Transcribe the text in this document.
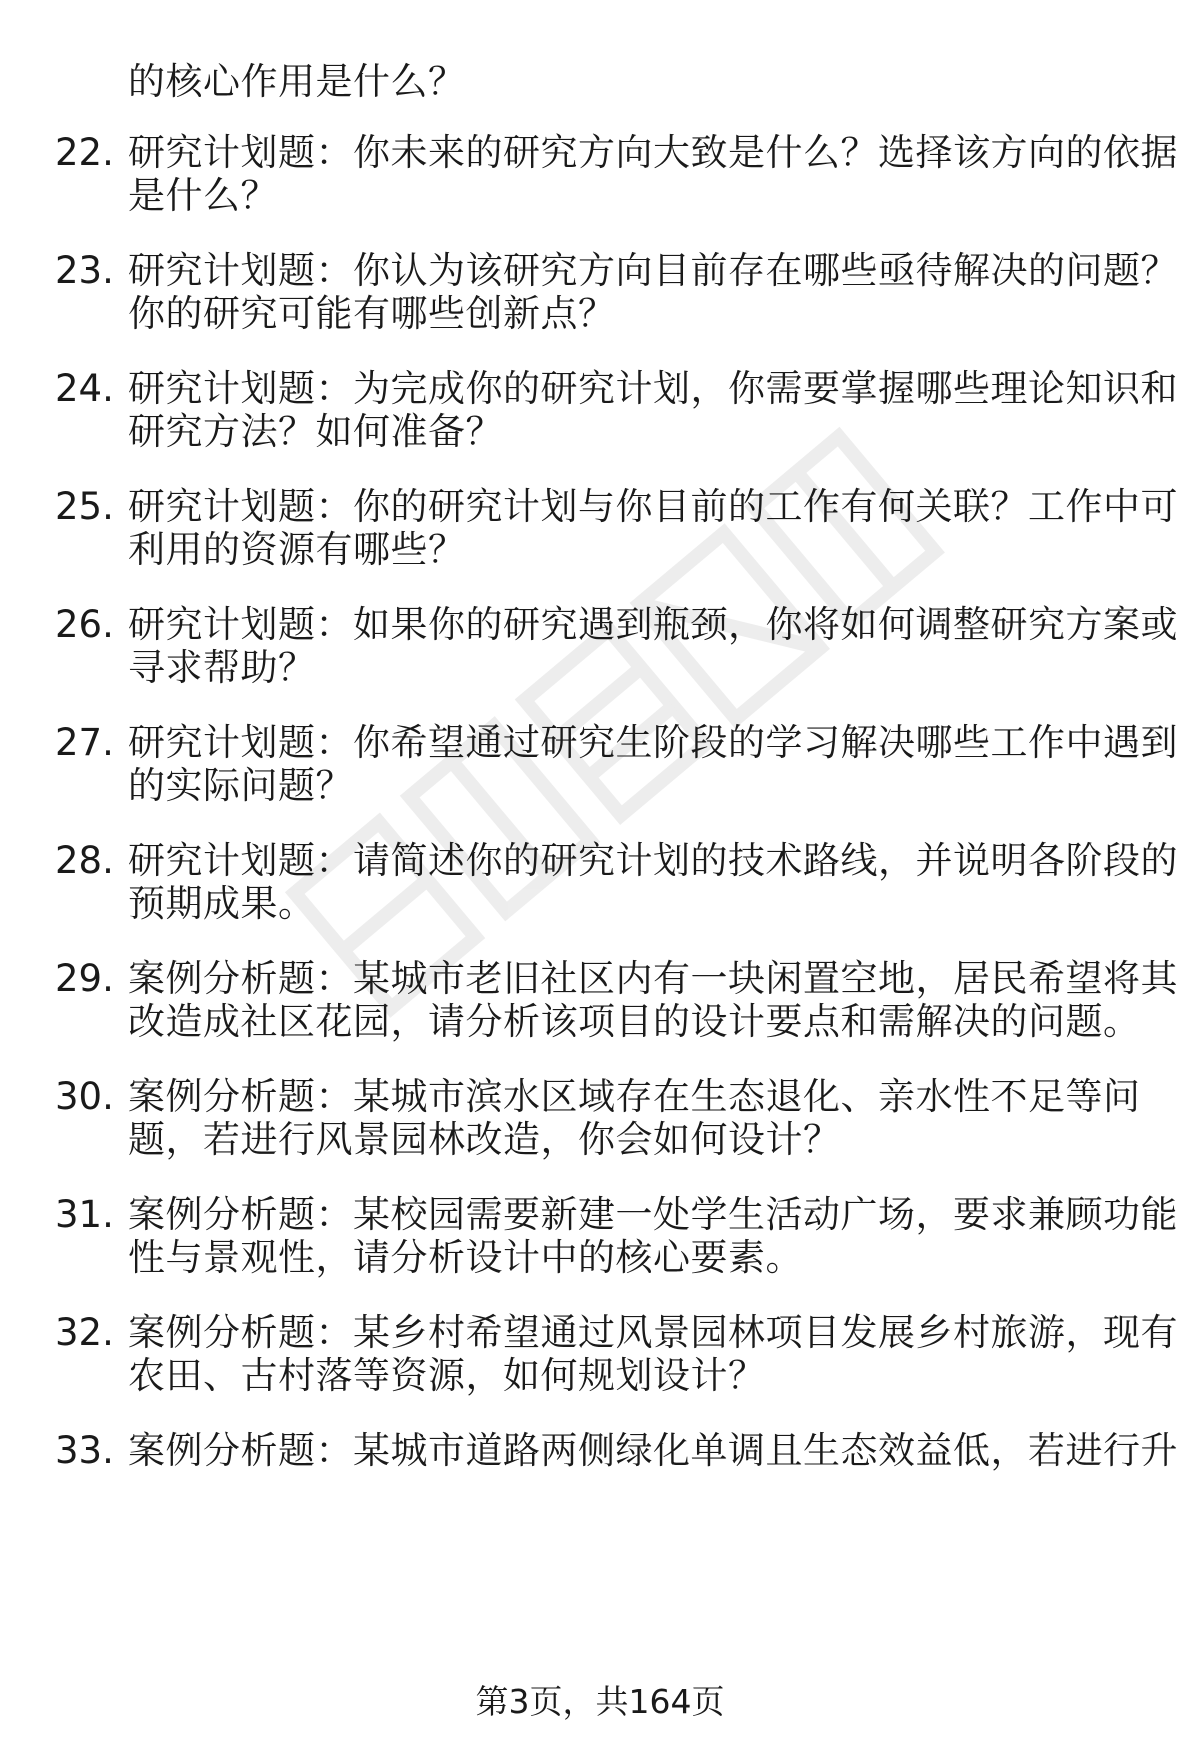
的核心作用是什么？
22. 研究计划题：你未来的研究方向大致是什么？选择该方向的依据
是什么？
23. 研究计划题：你认为该研究方向目前存在哪些亟待解决的问题？
你的研究可能有哪些创新点？
24. 研究计划题：为完成你的研究计划，你需要掌握哪些理论知识和
研究方法？如何准备？
25. 研究计划题：你的研究计划与你目前的工作有何关联？工作中可
利用的资源有哪些？
26. 研究计划题：如果你的研究遇到瓶颈，你将如何调整研究方案或
寻求帮助？
27. 研究计划题：你希望通过研究生阶段的学习解决哪些工作中遇到
的实际问题？
28. 研究计划题：请简述你的研究计划的技术路线，并说明各阶段的
预期成果。
29. 案例分析题：某城市老旧社区内有一块闲置空地，居民希望将其
改造成社区花园，请分析该项目的设计要点和需解决的问题。
30. 案例分析题：某城市滨水区域存在生态退化、亲水性不足等问
题，若进行风景园林改造，你会如何设计？
31. 案例分析题：某校园需要新建一处学生活动广场，要求兼顾功能
性与景观性，请分析设计中的核心要素。
32. 案例分析题：某乡村希望通过风景园林项目发展乡村旅游，现有
农田、古村落等资源，如何规划设计？
33. 案例分析题：某城市道路两侧绿化单调且生态效益低，若进行升
第3页，共164页
